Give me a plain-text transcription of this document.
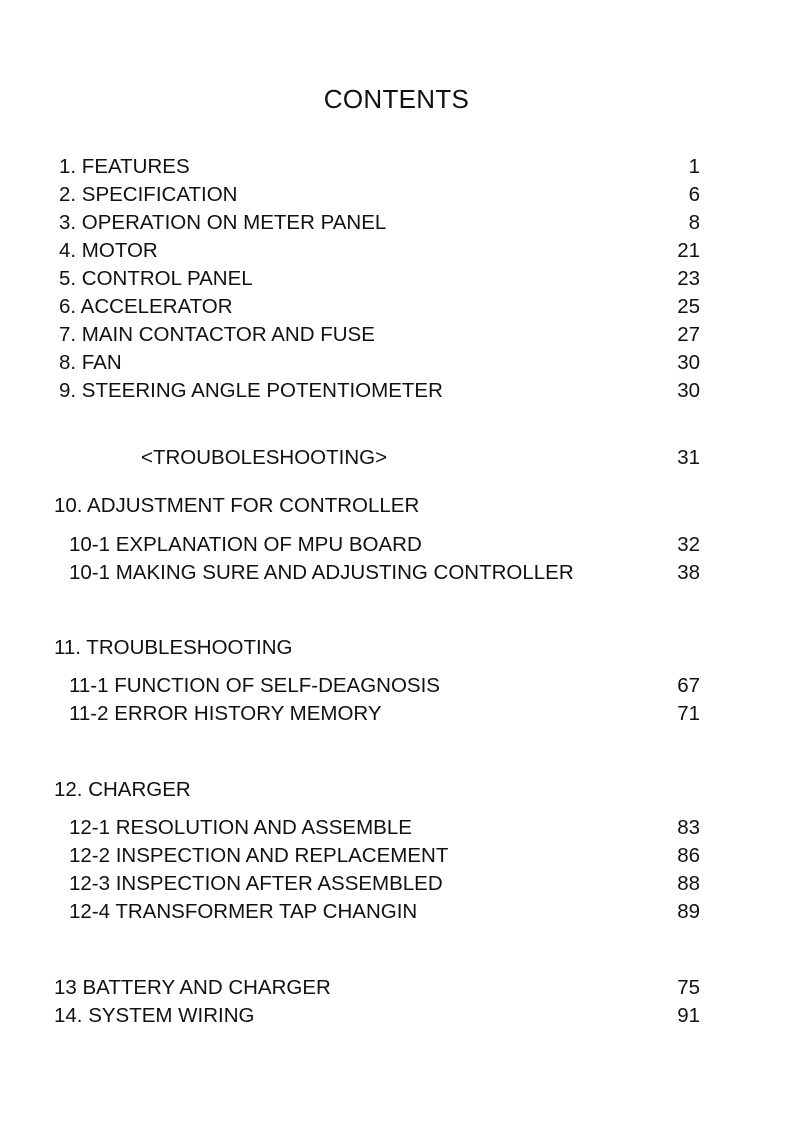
CONTENTS
1. FEATURES	1
2. SPECIFICATION	6
3. OPERATION ON METER PANEL	8
4. MOTOR	21
5. CONTROL PANEL	23
6. ACCELERATOR	25
7. MAIN CONTACTOR AND FUSE	27
8. FAN	30
9. STEERING ANGLE POTENTIOMETER	30
<TROUBOLESHOOTING>	31
10. ADJUSTMENT FOR CONTROLLER
10-1 EXPLANATION OF MPU BOARD	32
10-1 MAKING SURE AND ADJUSTING CONTROLLER	38
11. TROUBLESHOOTING
11-1 FUNCTION OF SELF-DEAGNOSIS	67
11-2 ERROR HISTORY MEMORY	71
12. CHARGER
12-1 RESOLUTION AND ASSEMBLE	83
12-2 INSPECTION AND REPLACEMENT	86
12-3 INSPECTION AFTER ASSEMBLED	88
12-4 TRANSFORMER TAP CHANGIN	89
13 BATTERY AND CHARGER	75
14. SYSTEM WIRING	91
